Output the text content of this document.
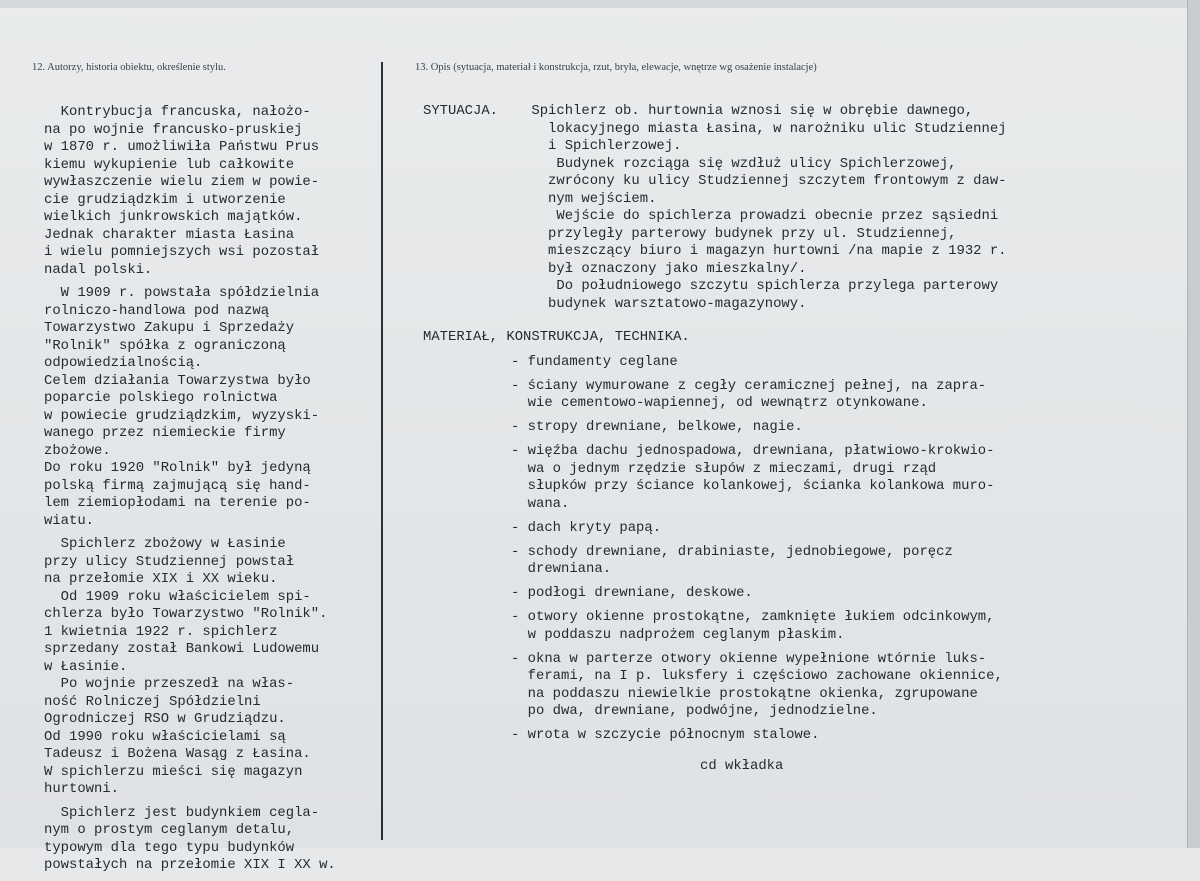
12. Autorzy, historia obiektu, określenie stylu.	13. Opis (sytuacja, materiał i konstrukcja, rzut, bryła, elewacje, wnętrze wg osażenie instalacje)
Kontrybucja francuska, nałożo-
na po wojnie francusko-pruskiej
w 1870 r. umożliwiła Państwu Prus
kiemu wykupienie lub całkowite
wywłaszczenie wielu ziem w powie-
cie grudziądzkim i utworzenie
wielkich junkrowskich majątków.
Jednak charakter miasta Łasina
i wielu pomniejszych wsi pozostał
nadal polski.
W 1909 r. powstała spółdzielnia
rolniczo-handlowa pod nazwą
Towarzystwo Zakupu i Sprzedaży
"Rolnik" spółka z ograniczoną
odpowiedzialnością.
Celem działania Towarzystwa było
poparcie polskiego rolnictwa
w powiecie grudziądzkim, wyzyski-
wanego przez niemieckie firmy
zbożowe.
Do roku 1920 "Rolnik" był jedyną
polską firmą zajmującą się hand-
lem ziemiopłodami na terenie po-
wiatu.
Spichlerz zbożowy w Łasinie
przy ulicy Studziennej powstał
na przełomie XIX i XX wieku.
Od 1909 roku właścicielem spi-
chlerza było Towarzystwo "Rolnik".
1 kwietnia 1922 r. spichlerz
sprzedany został Bankowi Ludowemu
w Łasinie.
Po wojnie przeszedł na włas-
ność Rolniczej Spółdzielni
Ogrodniczej RSO w Grudziądzu.
Od 1990 roku właścicielami są
Tadeusz i Bożena Wasąg z Łasina.
W spichlerzu mieści się magazyn
hurtowni.
Spichlerz jest budynkiem cegla-
nym o prostym ceglanym detalu,
typowym dla tego typu budynków
powstałych na przełomie XIX I XX w.
SYTUACJA.    Spichlerz ob. hurtownia wznosi się w obrębie dawnego,
lokacyjnego miasta Łasina, w narożniku ulic Studziennej
i Spichlerzowej.
Budynek rozciąga się wzdłuż ulicy Spichlerzowej,
zwrócony ku ulicy Studziennej szczytem frontowym z daw-
nym wejściem.
Wejście do spichlerza prowadzi obecnie przez sąsiedni
przyległy parterowy budynek przy ul. Studziennej,
mieszczący biuro i magazyn hurtowni /na mapie z 1932 r.
był oznaczony jako mieszkalny/.
Do południowego szczytu spichlerza przylega parterowy
budynek warsztatowo-magazynowy.
MATERIAŁ, KONSTRUKCJA, TECHNIKA.
- fundamenty ceglane
- ściany wymurowane z cegły ceramicznej pełnej, na zapra-
wie cementowo-wapiennej, od wewnątrz otynkowane.
- stropy drewniane, belkowe, nagie.
- więźba dachu jednospadowa, drewniana, płatwiowo-krokwio-
wa o jednym rzędzie słupów z mieczami, drugi rząd
słupków przy ściance kolankowej, ścianka kolankowa muro-
wana.
- dach kryty papą.
- schody drewniane, drabiniaste, jednobiegowe, poręcz
drewniana.
- podłogi drewniane, deskowe.
- otwory okienne prostokątne, zamknięte łukiem odcinkowym,
w poddaszu nadprożem ceglanym płaskim.
- okna w parterze otwory okienne wypełnione wtórnie luks-
ferami, na I p. luksfery i częściowo zachowane okiennice,
na poddaszu niewielkie prostokątne okienka, zgrupowane
po dwa, drewniane, podwójne, jednodzielne.
- wrota w szczycie północnym stalowe.
cd wkładka
